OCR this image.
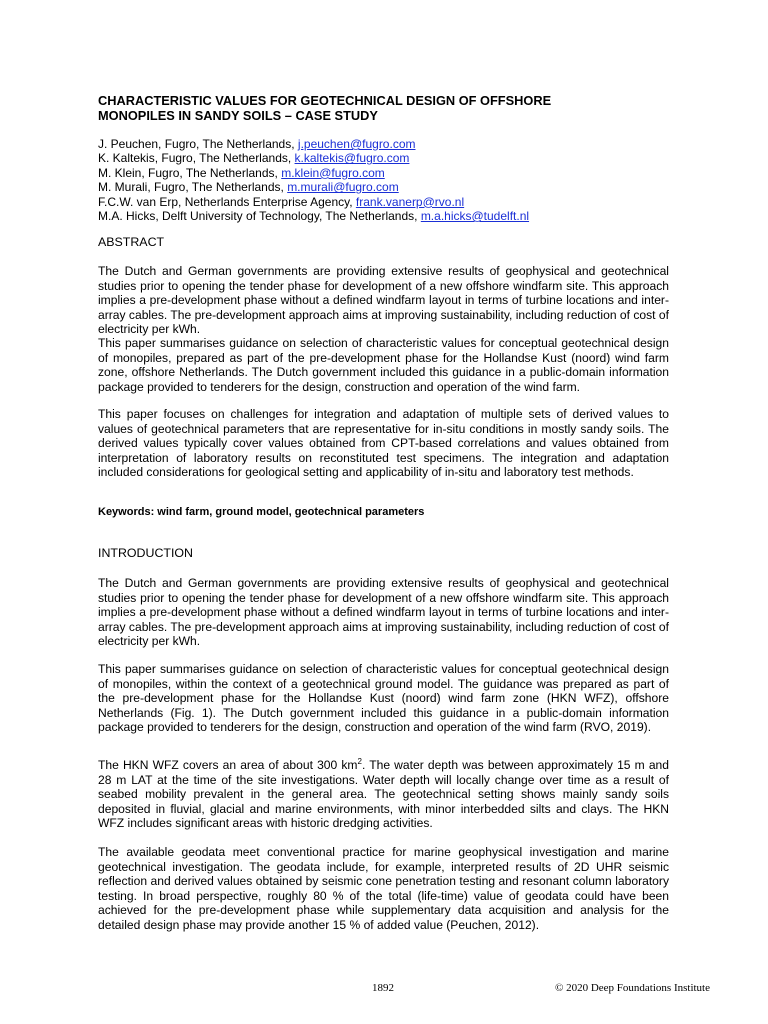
CHARACTERISTIC VALUES FOR GEOTECHNICAL DESIGN OF OFFSHORE
MONOPILES IN SANDY SOILS – CASE STUDY
J. Peuchen, Fugro, The Netherlands, j.peuchen@fugro.com
K. Kaltekis, Fugro, The Netherlands, k.kaltekis@fugro.com
M. Klein, Fugro, The Netherlands, m.klein@fugro.com
M. Murali, Fugro, The Netherlands, m.murali@fugro.com
F.C.W. van Erp, Netherlands Enterprise Agency, frank.vanerp@rvo.nl
M.A. Hicks, Delft University of Technology, The Netherlands, m.a.hicks@tudelft.nl
ABSTRACT

The Dutch and German governments are providing extensive results of geophysical and geotechnical studies prior to opening the tender phase for development of a new offshore windfarm site. This approach implies a pre-development phase without a defined windfarm layout in terms of turbine locations and inter-array cables. The pre-development approach aims at improving sustainability, including reduction of cost of electricity per kWh.

This paper summarises guidance on selection of characteristic values for conceptual geotechnical design of monopiles, prepared as part of the pre-development phase for the Hollandse Kust (noord) wind farm zone, offshore Netherlands. The Dutch government included this guidance in a public-domain information package provided to tenderers for the design, construction and operation of the wind farm.

This paper focuses on challenges for integration and adaptation of multiple sets of derived values to values of geotechnical parameters that are representative for in-situ conditions in mostly sandy soils. The derived values typically cover values obtained from CPT-based correlations and values obtained from interpretation of laboratory results on reconstituted test specimens. The integration and adaptation included considerations for geological setting and applicability of in-situ and laboratory test methods.

Keywords: wind farm, ground model, geotechnical parameters

INTRODUCTION

The Dutch and German governments are providing extensive results of geophysical and geotechnical studies prior to opening the tender phase for development of a new offshore windfarm site. This approach implies a pre-development phase without a defined windfarm layout in terms of turbine locations and inter-array cables. The pre-development approach aims at improving sustainability, including reduction of cost of electricity per kWh.

This paper summarises guidance on selection of characteristic values for conceptual geotechnical design of monopiles, within the context of a geotechnical ground model. The guidance was prepared as part of the pre-development phase for the Hollandse Kust (noord) wind farm zone (HKN WFZ), offshore Netherlands (Fig. 1). The Dutch government included this guidance in a public-domain information package provided to tenderers for the design, construction and operation of the wind farm (RVO, 2019).

The HKN WFZ covers an area of about 300 $km^2$. The water depth was between approximately 15 m and 28 m LAT at the time of the site investigations. Water depth will locally change over time as a result of seabed mobility prevalent in the general area. The geotechnical setting shows mainly sandy soils deposited in fluvial, glacial and marine environments, with minor interbedded silts and clays. The HKN WFZ includes significant areas with historic dredging activities.

The available geodata meet conventional practice for marine geophysical investigation and marine geotechnical investigation. The geodata include, for example, interpreted results of 2D UHR seismic reflection and derived values obtained by seismic cone penetration testing and resonant column laboratory testing. In broad perspective, roughly 80 % of the total (life-time) value of geodata could have been achieved for the pre-development phase while supplementary data acquisition and analysis for the detailed design phase may provide another 15 % of added value (Peuchen, 2012).

1892	© 2020 Deep Foundations Institute
